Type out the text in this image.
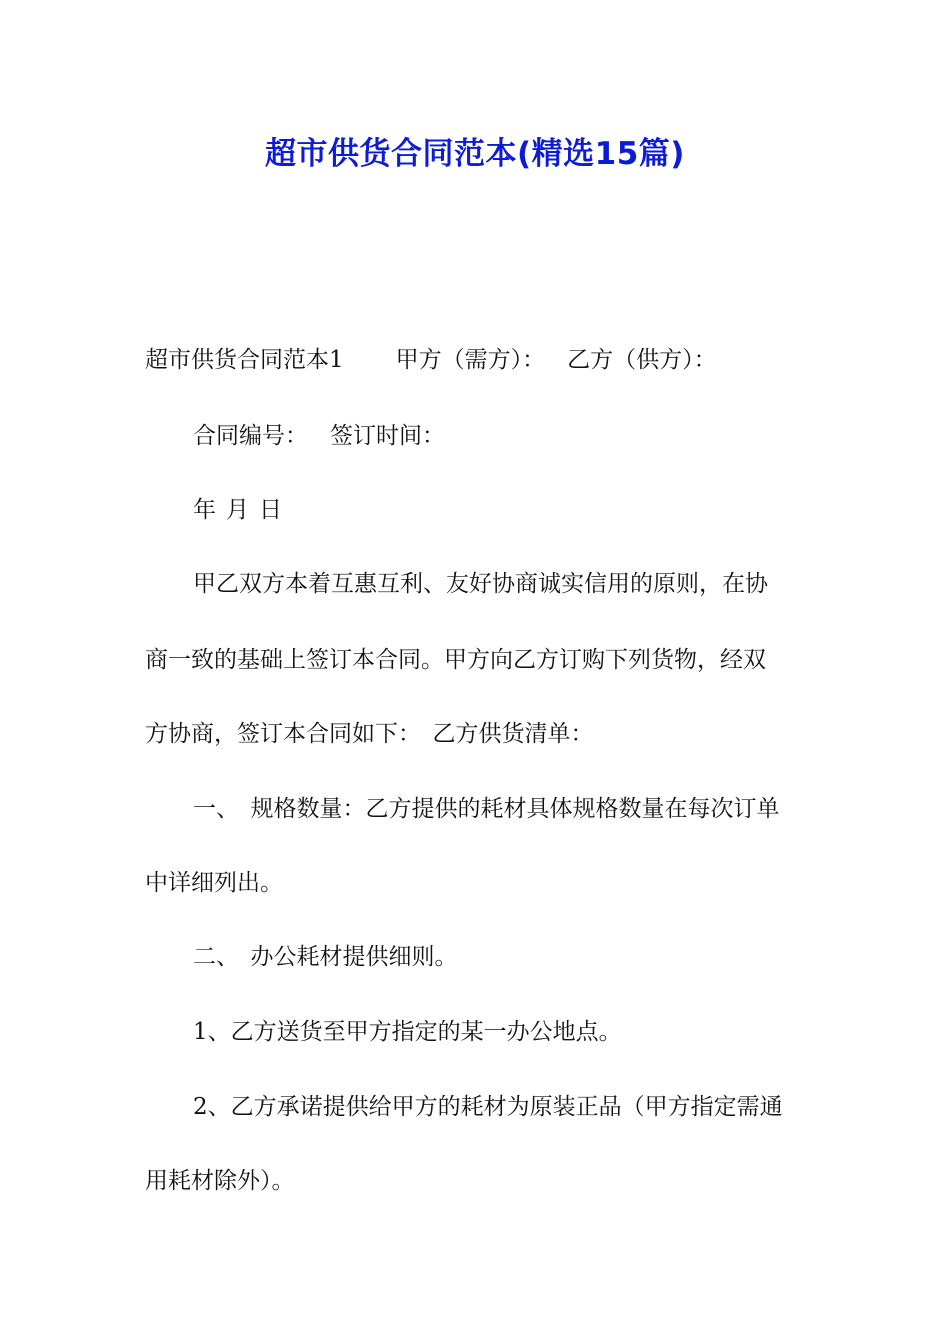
超市供货合同范本(精选15篇)
超市供货合同范本1 甲方（需方）： 乙方（供方）：
合同编号： 签订时间：
年 月 日
甲乙双方本着互惠互利、友好协商诚实信用的原则，在协
商一致的基础上签订本合同。甲方向乙方订购下列货物，经双
方协商，签订本合同如下：　乙方供货清单：
一、　规格数量：乙方提供的耗材具体规格数量在每次订单
中详细列出。
二、　办公耗材提供细则。
1、乙方送货至甲方指定的某一办公地点。
2、乙方承诺提供给甲方的耗材为原装正品（甲方指定需通
用耗材除外）。
